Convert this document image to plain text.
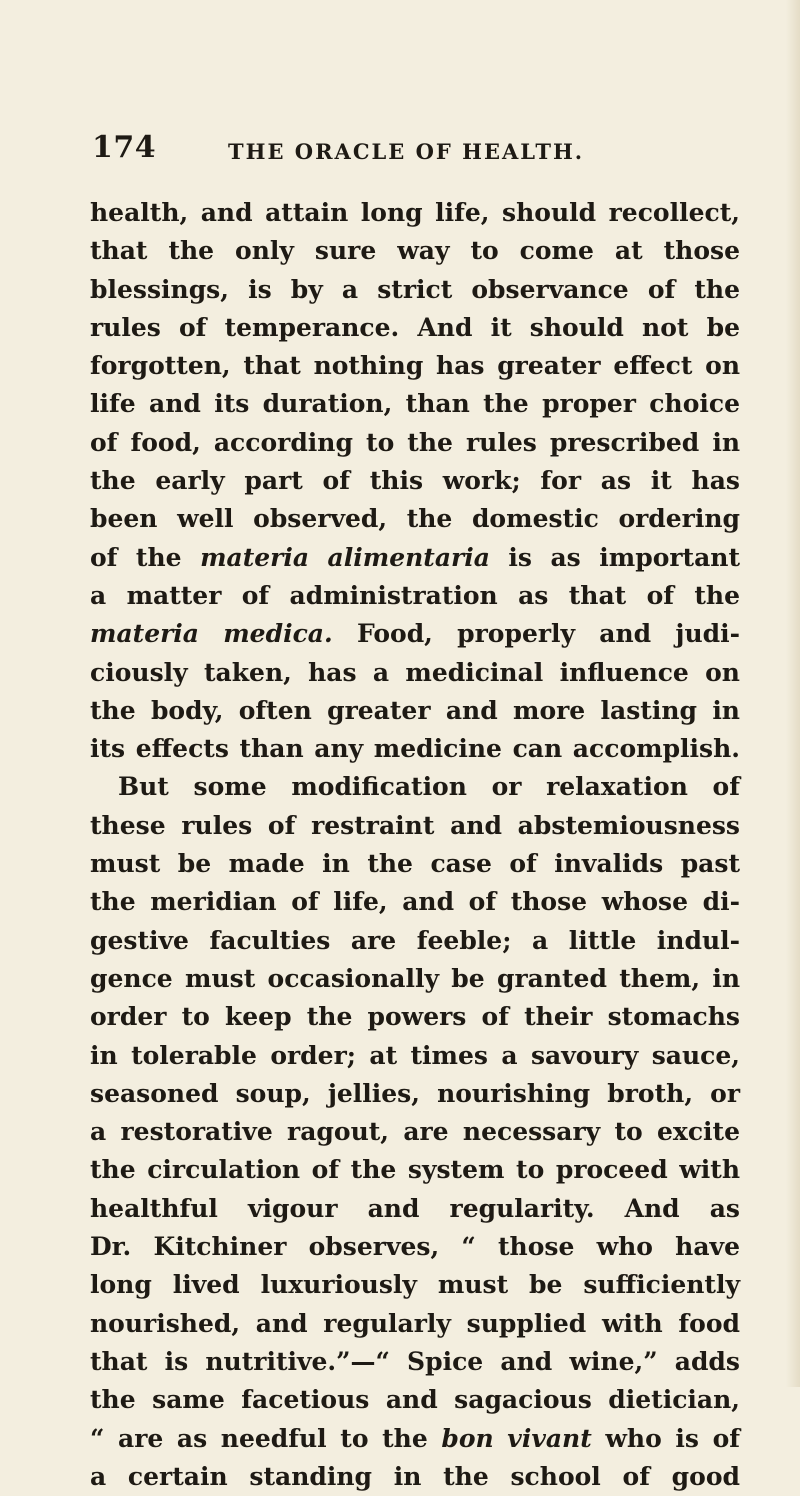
174	THE ORACLE OF HEALTH.
health, and attain long life, should recollect,
that the only sure way to come at those
blessings, is by a strict observance of the
rules of temperance. And it should not be
forgotten, that nothing has greater effect on
life and its duration, than the proper choice
of food, according to the rules prescribed in
the early part of this work; for as it has
been well observed, the domestic ordering
of the materia alimentaria is as important
a matter of administration as that of the
materia medica. Food, properly and judi-
ciously taken, has a medicinal influence on
the body, often greater and more lasting in
its effects than any medicine can accomplish.
But some modification or relaxation of
these rules of restraint and abstemiousness
must be made in the case of invalids past
the meridian of life, and of those whose di-
gestive faculties are feeble; a little indul-
gence must occasionally be granted them, in
order to keep the powers of their stomachs
in tolerable order; at times a savoury sauce,
seasoned soup, jellies, nourishing broth, or
a restorative ragout, are necessary to excite
the circulation of the system to proceed with
healthful vigour and regularity. And as
Dr. Kitchiner observes, “ those who have
long lived luxuriously must be sufficiently
nourished, and regularly supplied with food
that is nutritive.”—“ Spice and wine,” adds
the same facetious and sagacious dietician,
“ are as needful to the bon vivant who is of
a certain standing in the school of good
